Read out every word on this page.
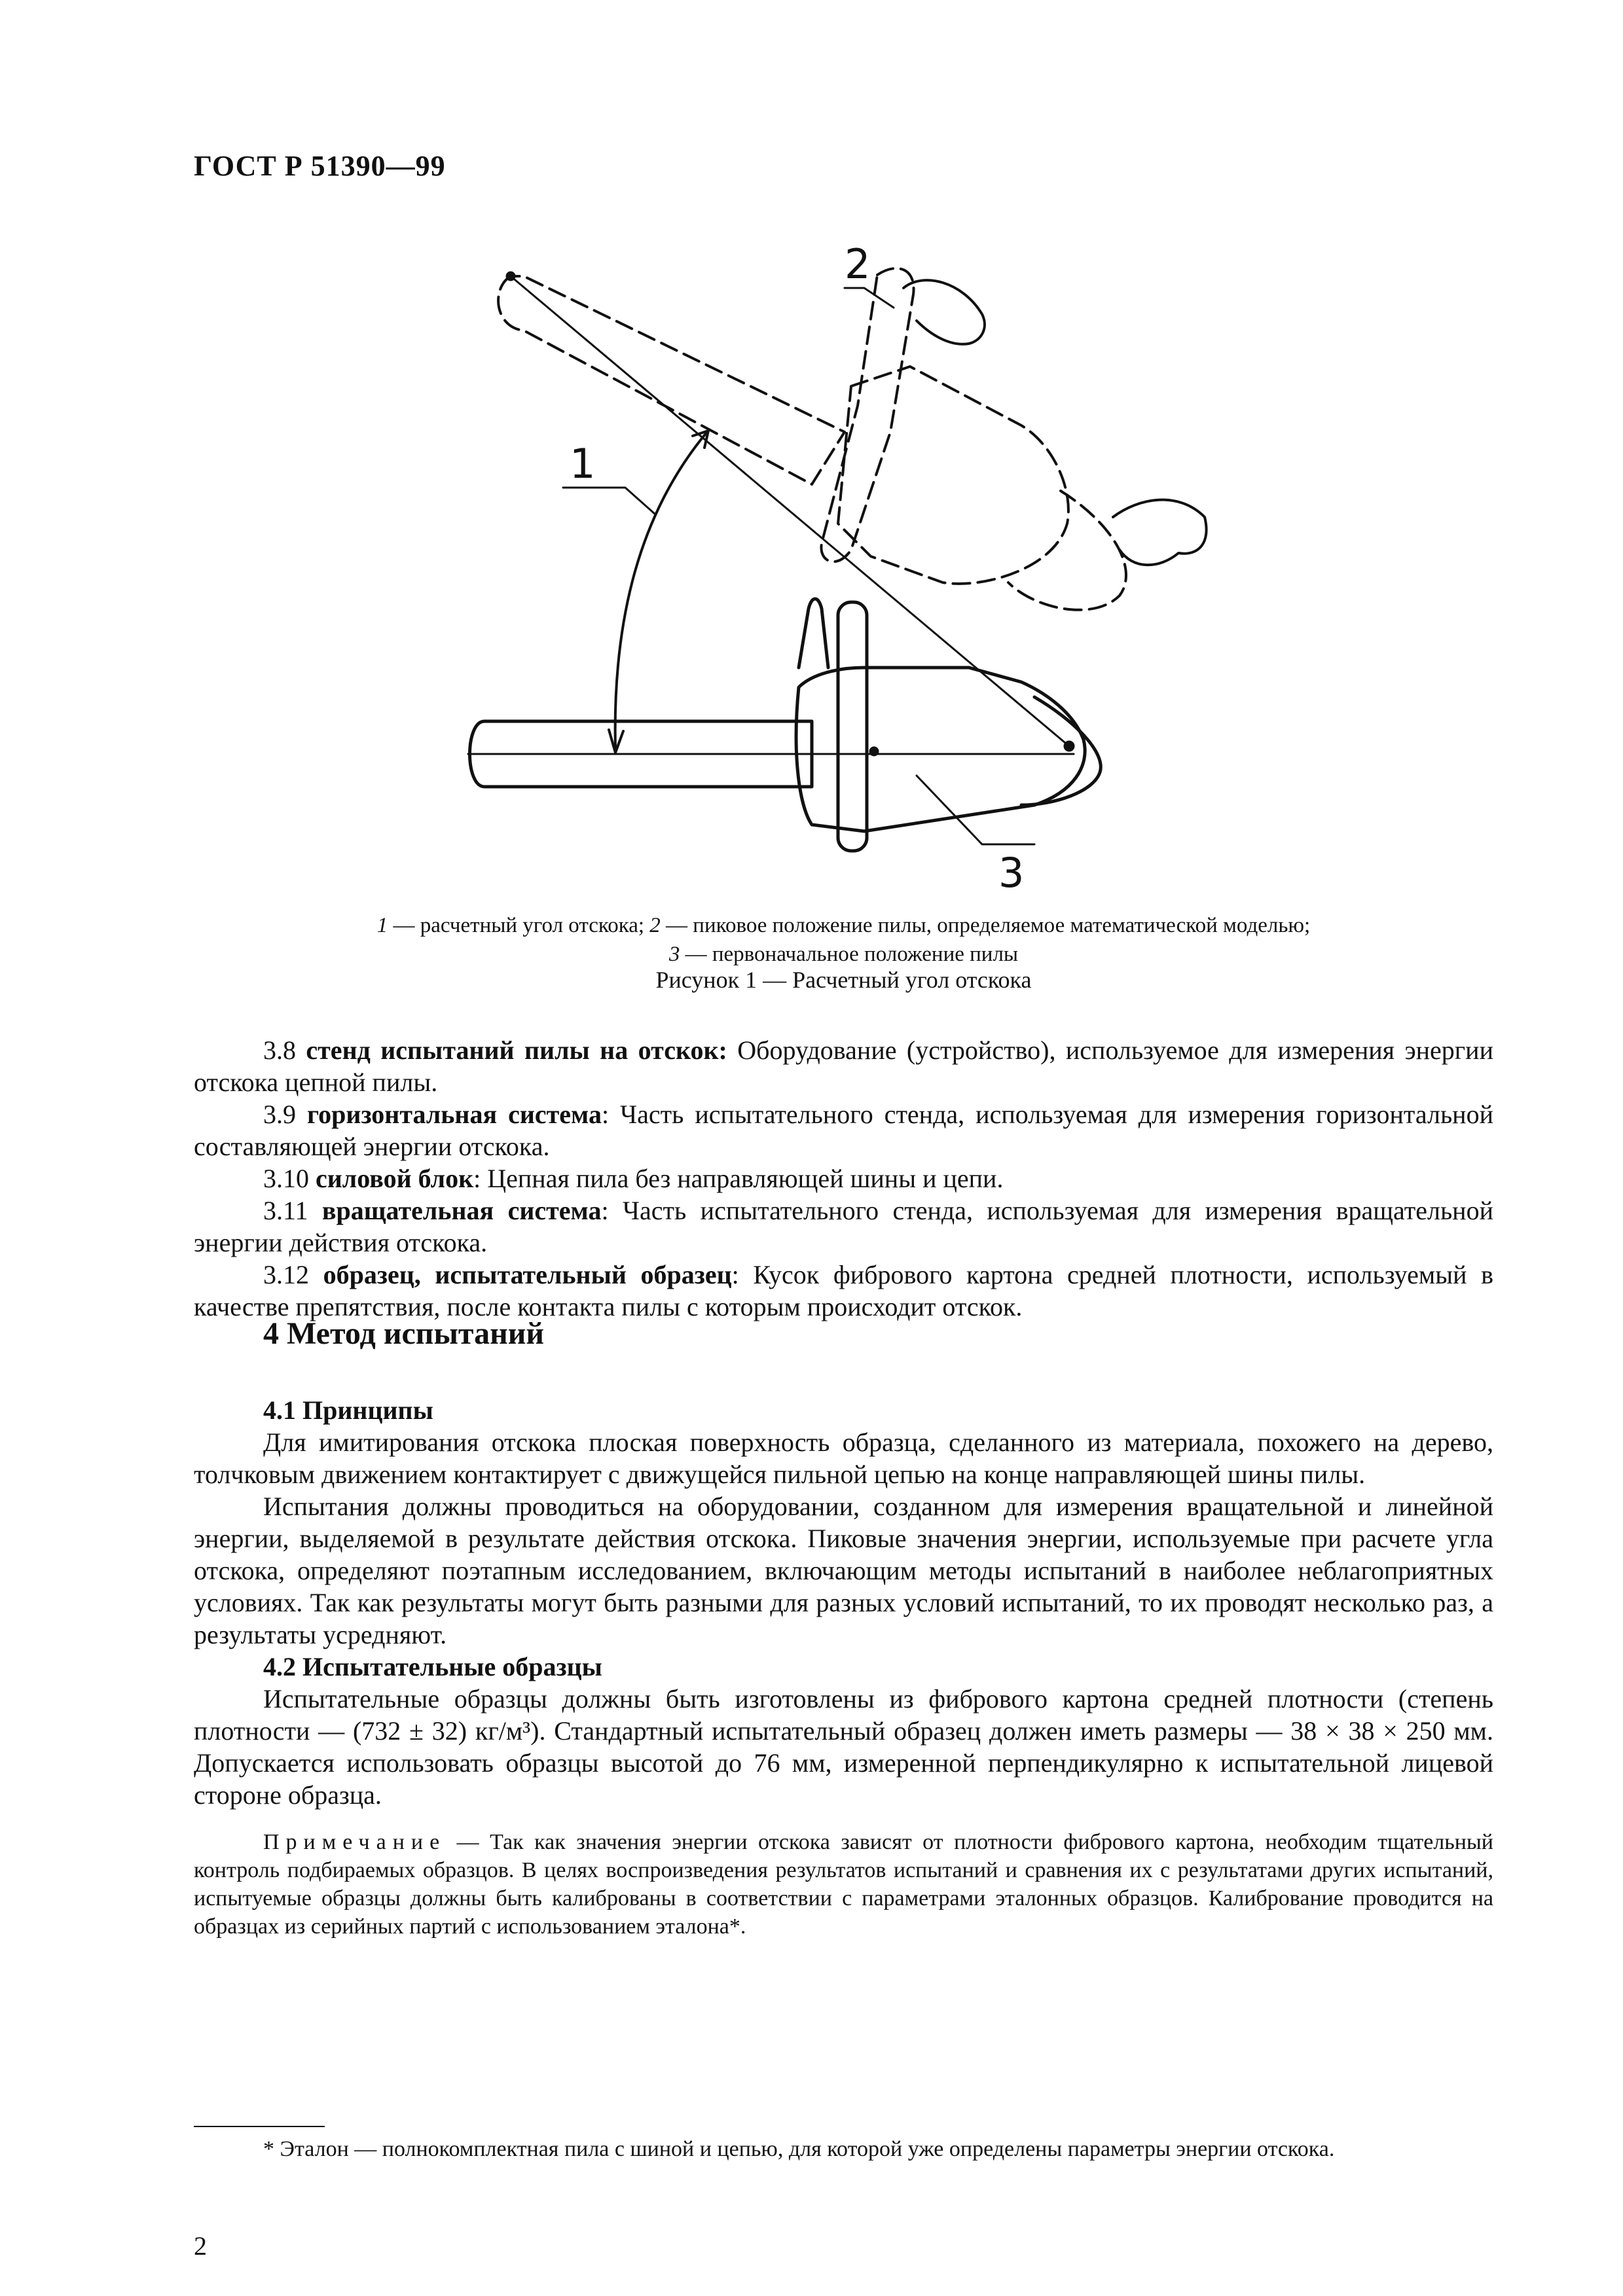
ГОСТ Р 51390—99
1
2
3
1 — расчетный угол отскока; 2 — пиковое положение пилы, определяемое математической моделью;
3 — первоначальное положение пилы
Рисунок 1 — Расчетный угол отскока

3.8 стенд испытаний пилы на отскок: Оборудование (устройство), используемое для измерения энергии отскока цепной пилы.

3.9 горизонтальная система: Часть испытательного стенда, используемая для измерения горизонтальной составляющей энергии отскока.

3.10 силовой блок: Цепная пила без направляющей шины и цепи.

3.11 вращательная система: Часть испытательного стенда, используемая для измерения вращательной энергии действия отскока.

3.12 образец, испытательный образец: Кусок фибрового картона средней плотности, используемый в качестве препятствия, после контакта пилы с которым происходит отскок.

4 Метод испытаний

4.1 Принципы

Для имитирования отскока плоская поверхность образца, сделанного из материала, похожего на дерево, толчковым движением контактирует с движущейся пильной цепью на конце направляющей шины пилы.

Испытания должны проводиться на оборудовании, созданном для измерения вращательной и линейной энергии, выделяемой в результате действия отскока. Пиковые значения энергии, используемые при расчете угла отскока, определяют поэтапным исследованием, включающим методы испытаний в наиболее неблагоприятных условиях. Так как результаты могут быть разными для разных условий испытаний, то их проводят несколько раз, а результаты усредняют.

4.2 Испытательные образцы

Испытательные образцы должны быть изготовлены из фибрового картона средней плотности (степень плотности — (732 ± 32) кг/м³). Стандартный испытательный образец должен иметь размеры — 38 × 38 × 250 мм. Допускается использовать образцы высотой до 76 мм, измеренной перпендикулярно к испытательной лицевой стороне образца.

Примечание — Так как значения энергии отскока зависят от плотности фибрового картона, необходим тщательный контроль подбираемых образцов. В целях воспроизведения результатов испытаний и сравнения их с результатами других испытаний, испытуемые образцы должны быть калиброваны в соответствии с параметрами эталонных образцов. Калибрование проводится на образцах из серийных партий с использованием эталона*.

* Эталон — полнокомплектная пила с шиной и цепью, для которой уже определены параметры энергии отскока.

2
